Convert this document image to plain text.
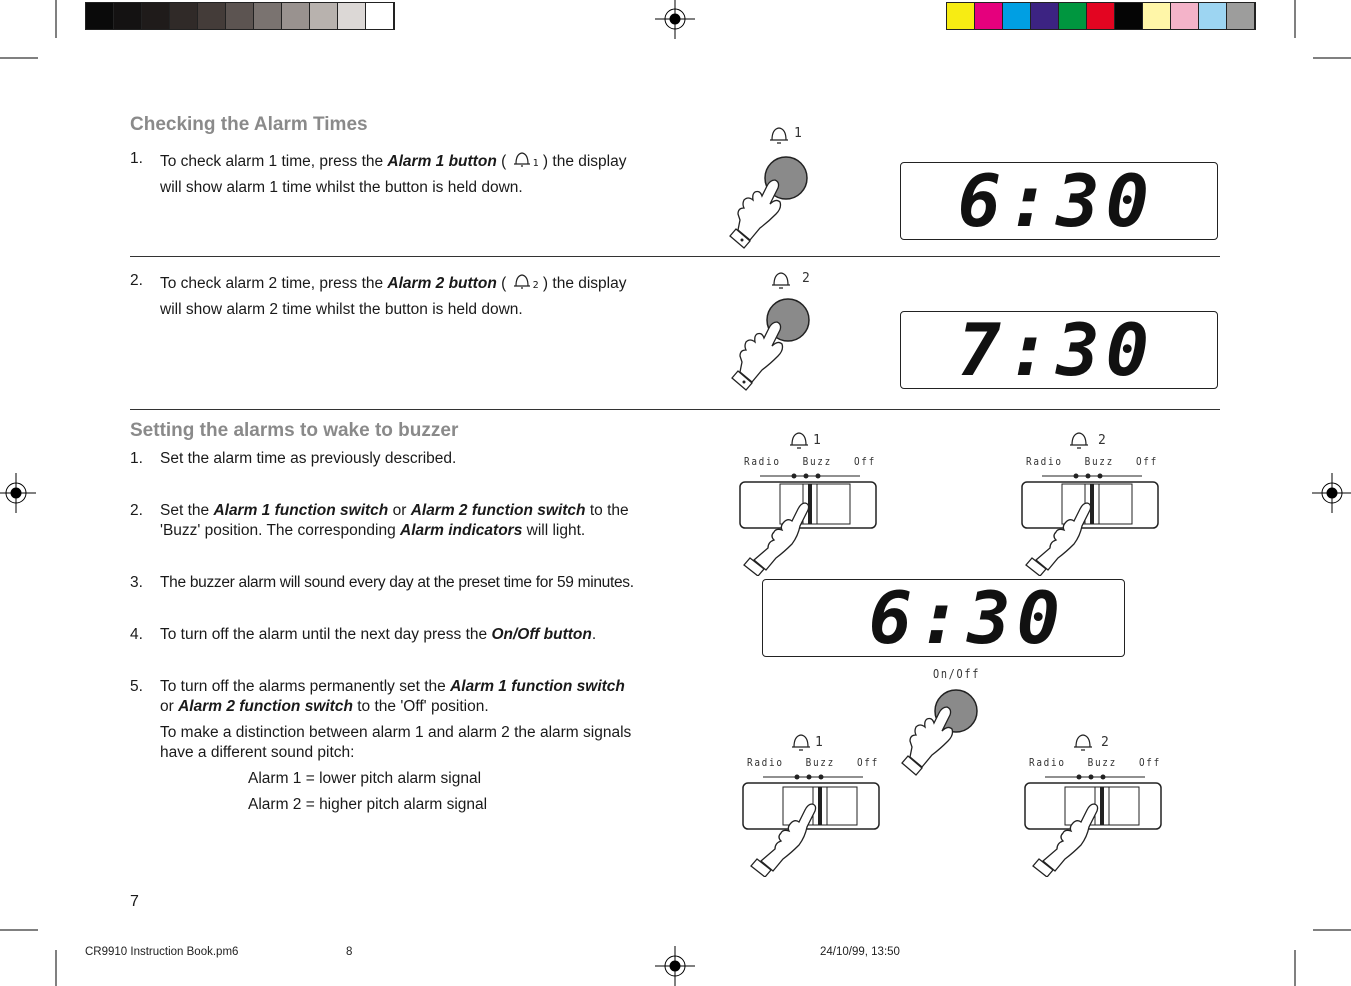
Checking the Alarm Times
1. To check alarm 1 time, press the Alarm 1 button (	1 ) the display
will show alarm 1 time whilst the button is held down.
2. To check alarm 2 time, press the Alarm 2 button (	2 ) the display
will show alarm 2 time whilst the button is held down.
1
6:30
2
7:30
Setting the alarms to wake to buzzer
1. Set the alarm time as previously described.
2. Set the Alarm 1 function switch or Alarm 2 function switch to the
'Buzz' position. The corresponding Alarm indicators will light.
3. The buzzer alarm will sound every day at the preset time for 59 minutes.
4. To turn off the alarm until the next day press the On/Off button.
5. To turn off the alarms permanently set the Alarm 1 function switch
or Alarm 2 function switch to the 'Off' position.
To make a distinction between alarm 1 and alarm 2 the alarm signals
have a different sound pitch:
Alarm 1 = lower pitch alarm signal
Alarm 2 = higher pitch alarm signal
1
Radio Buzz Off
2
Radio Buzz Off
6:30
On/Off
1
Radio Buzz Off
2
Radio Buzz Off
7
CR9910 Instruction Book.pm6	8	24/10/99, 13:50
